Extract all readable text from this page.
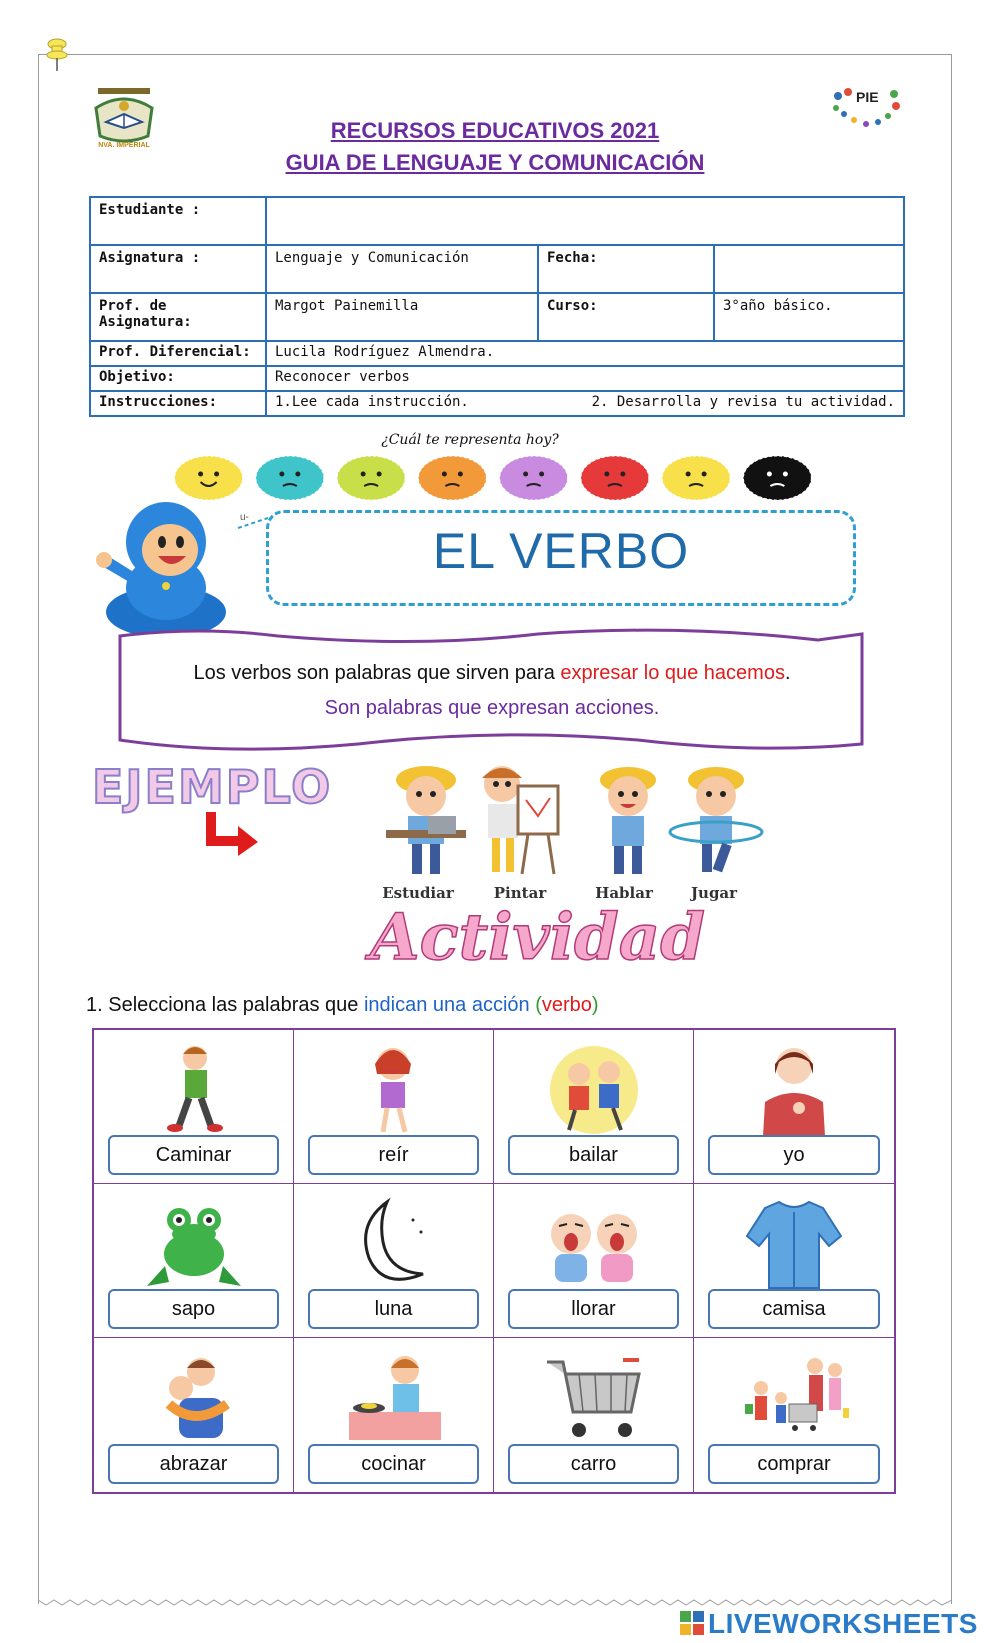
NVA. IMPERIAL
PIE
RECURSOS EDUCATIVOS 2021
GUIA DE LENGUAJE Y COMUNICACIÓN
Estudiante :			
Asignatura :	Lenguaje y Comunicación	Fecha:	
Prof. de Asignatura:	Margot Painemilla	Curso:	3°año básico.
Prof. Diferencial:	Lucila Rodríguez Almendra.		
Objetivo:	Reconocer verbos		
Instrucciones:	1.Lee cada instrucción. 2. Desarrolla y revisa tu actividad.		
¿Cuál te representa hoy?
u-
EL VERBO
Los verbos son palabras que sirven para expresar lo que hacemos.
Son palabras que expresan acciones.
EJEMPLO
Estudiar	Pintar	Hablar	Jugar
Actividad
1. Selecciona las palabras que indican una acción (verbo)
Caminar	reír	bailar	yo
sapo	luna	llorar	camisa
abrazar	cocinar	carro	comprar
LIVEWORKSHEETS
